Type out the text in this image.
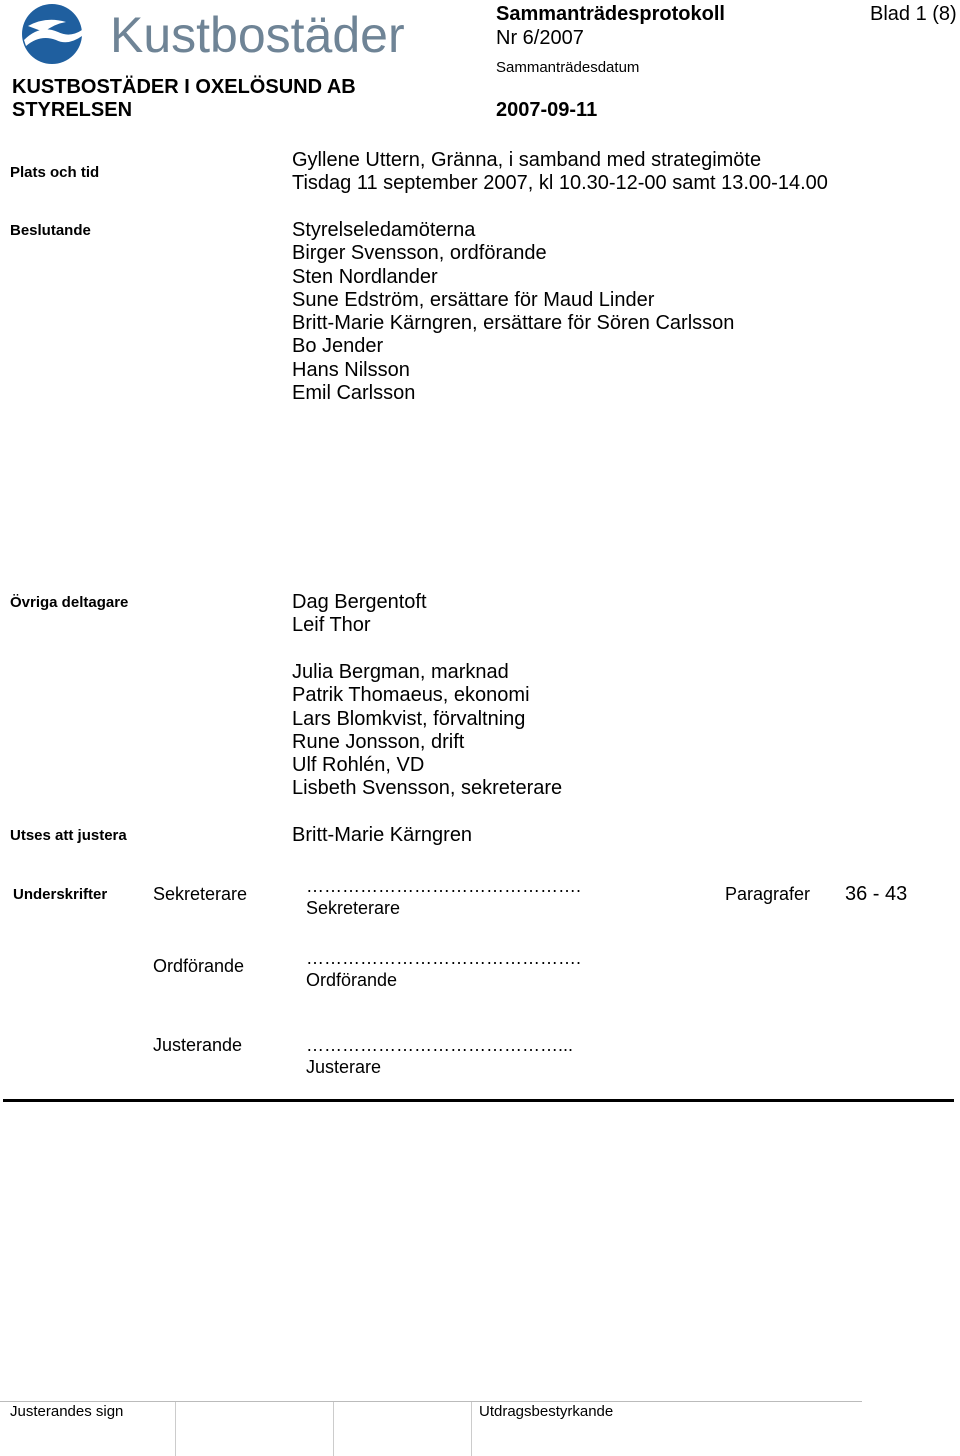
Kustbostäder
KUSTBOSTÄDER I OXELÖSUND AB
STYRELSEN
Sammanträdesprotokoll
Nr 6/2007
Sammanträdesdatum
2007-09-11
Blad 1 (8)
Plats och tid
Gyllene Uttern, Gränna, i samband med strategimöte
Tisdag 11 september 2007, kl 10.30-12-00 samt 13.00-14.00
Beslutande	Styrelseledamöterna
Birger Svensson, ordförande
Sten Nordlander
Sune Edström, ersättare för Maud Linder
Britt-Marie Kärngren, ersättare för Sören Carlsson
Bo Jender
Hans Nilsson
Emil Carlsson
Övriga deltagare	Dag Bergentoft
Leif Thor
Julia Bergman, marknad
Patrik Thomaeus, ekonomi
Lars Blomkvist, förvaltning
Rune Jonsson, drift
Ulf Rohlén, VD
Lisbeth Svensson, sekreterare
Utses att justera	Britt-Marie Kärngren
Underskrifter	Sekreterare	……………………………………….
Sekreterare
Paragrafer 36 - 43
Ordförande	……………………………………….
Ordförande
Justerande	……………………………………...
Justerare
Justerandes sign	Utdragsbestyrkande
